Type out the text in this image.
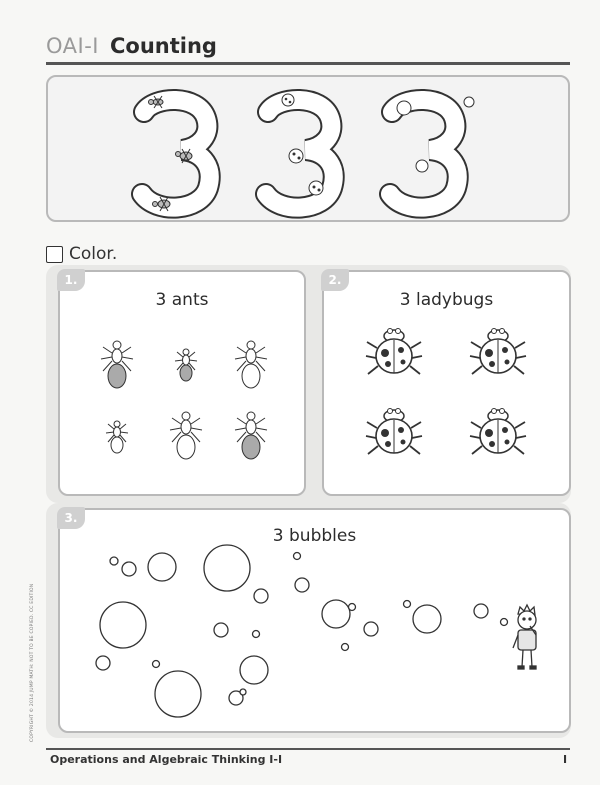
OAI-I Counting
Color.
1.
3 ants
2.
3 ladybugs
3.
3 bubbles
COPYRIGHT © 2014 JUMP MATH: NOT TO BE COPIED. CC EDITION
Operations and Algebraic Thinking I-I	I
